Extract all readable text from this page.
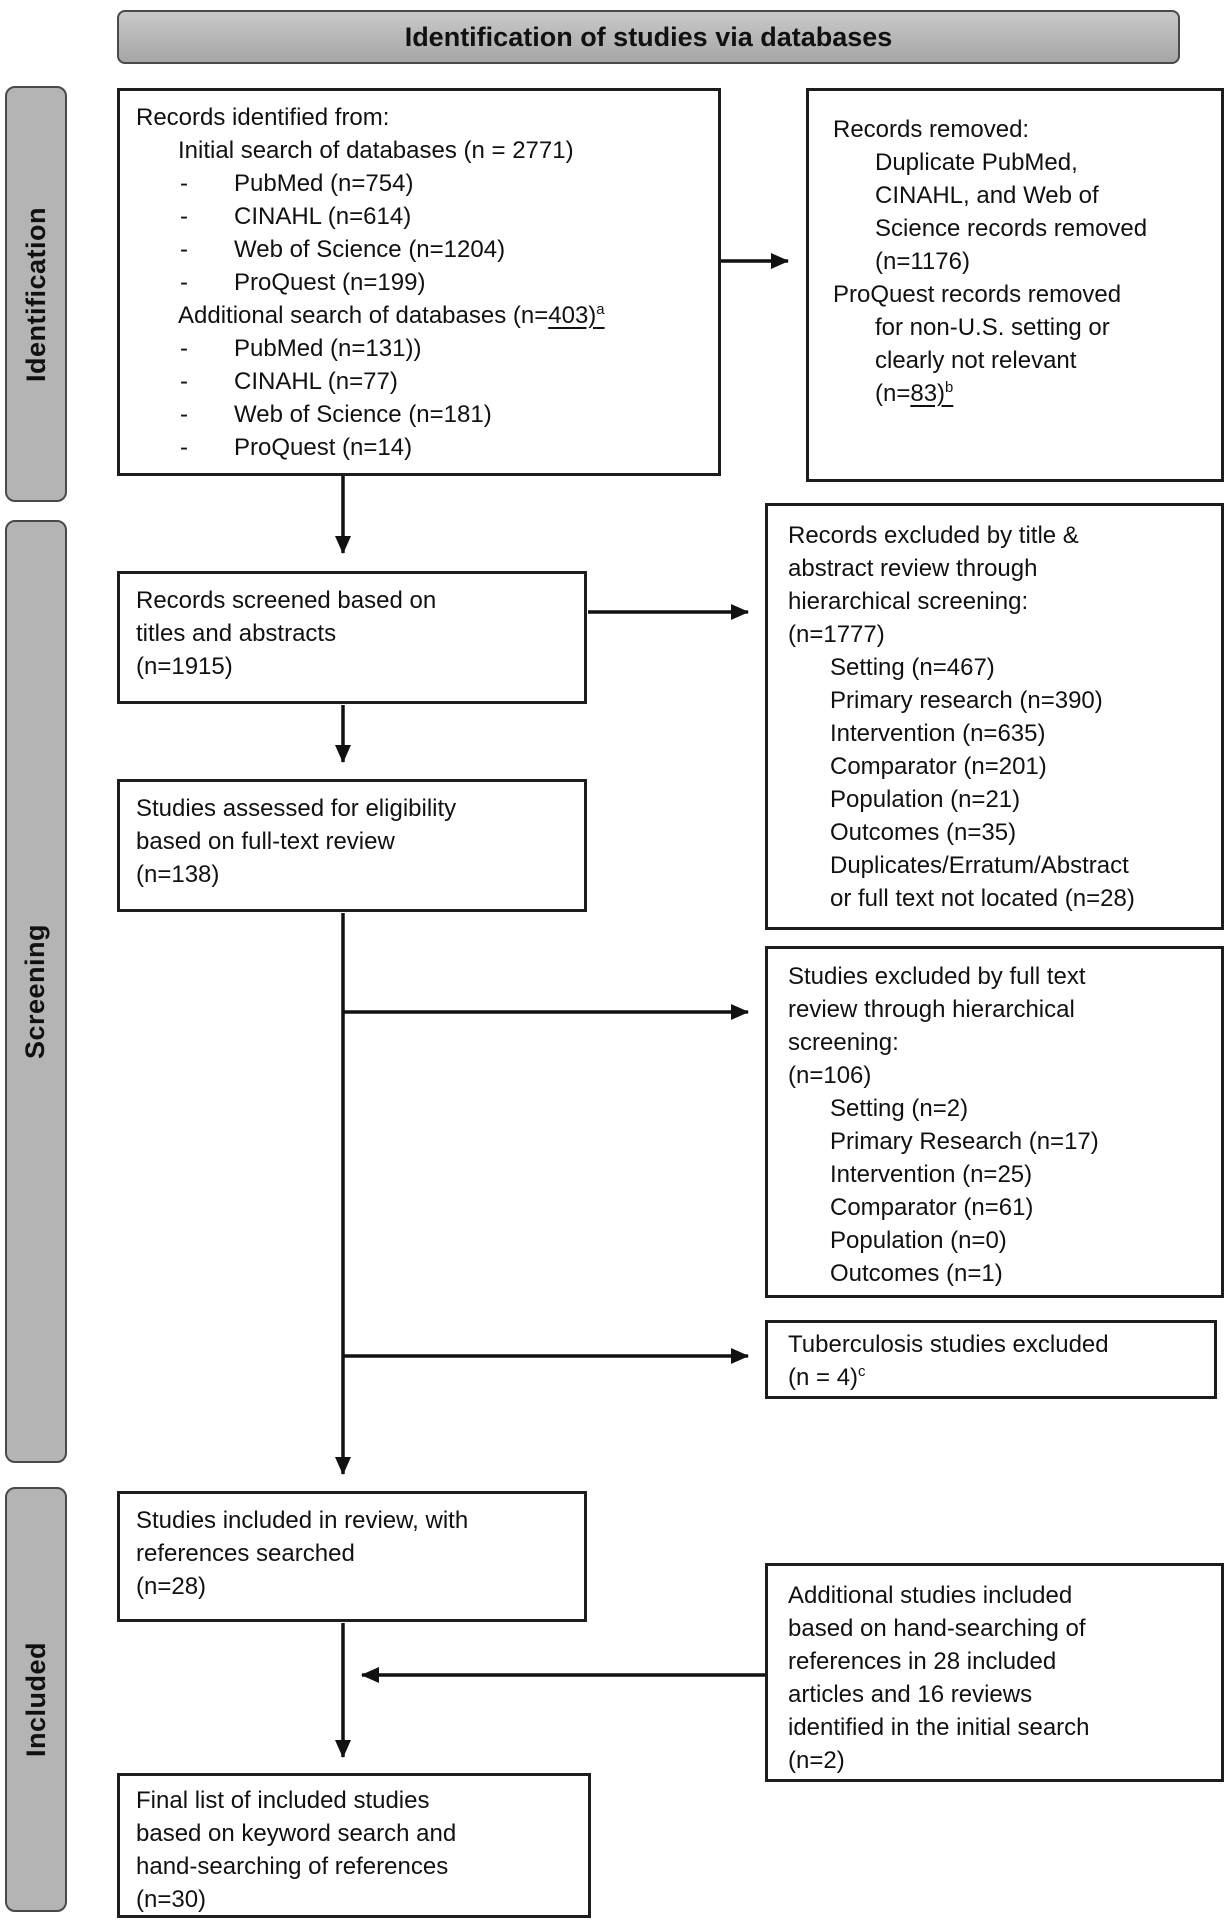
Identification of studies via databases
Identification
Screening
Included
Records identified from:
Initial search of databases (n = 2771)
-	PubMed (n=754)
-	CINAHL (n=614)
-	Web of Science (n=1204)
-	ProQuest (n=199)
Additional search of databases (n=403)$^a$
-	PubMed (n=131))
-	CINAHL (n=77)
-	Web of Science (n=181)
-	ProQuest (n=14)
Records removed:
Duplicate PubMed,
CINAHL, and Web of
Science records removed
(n=1176)
ProQuest records removed
for non-U.S. setting or
clearly not relevant
(n=83)$^b$
Records screened based on
titles and abstracts
(n=1915)
Records excluded by title &
abstract review through
hierarchical screening:
(n=1777)
Setting (n=467)
Primary research (n=390)
Intervention (n=635)
Comparator (n=201)
Population (n=21)
Outcomes (n=35)
Duplicates/Erratum/Abstract
or full text not located (n=28)
Studies assessed for eligibility
based on full-text review
(n=138)
Studies excluded by full text
review through hierarchical
screening:
(n=106)
Setting (n=2)
Primary Research (n=17)
Intervention (n=25)
Comparator (n=61)
Population (n=0)
Outcomes (n=1)
Tuberculosis studies excluded
(n = 4)$^c$
Studies included in review, with
references searched
(n=28)	Additional studies included
based on hand-searching of
references in 28 included
articles and 16 reviews
identified in the initial search
(n=2)
Final list of included studies
based on keyword search and
hand-searching of references
(n=30)
